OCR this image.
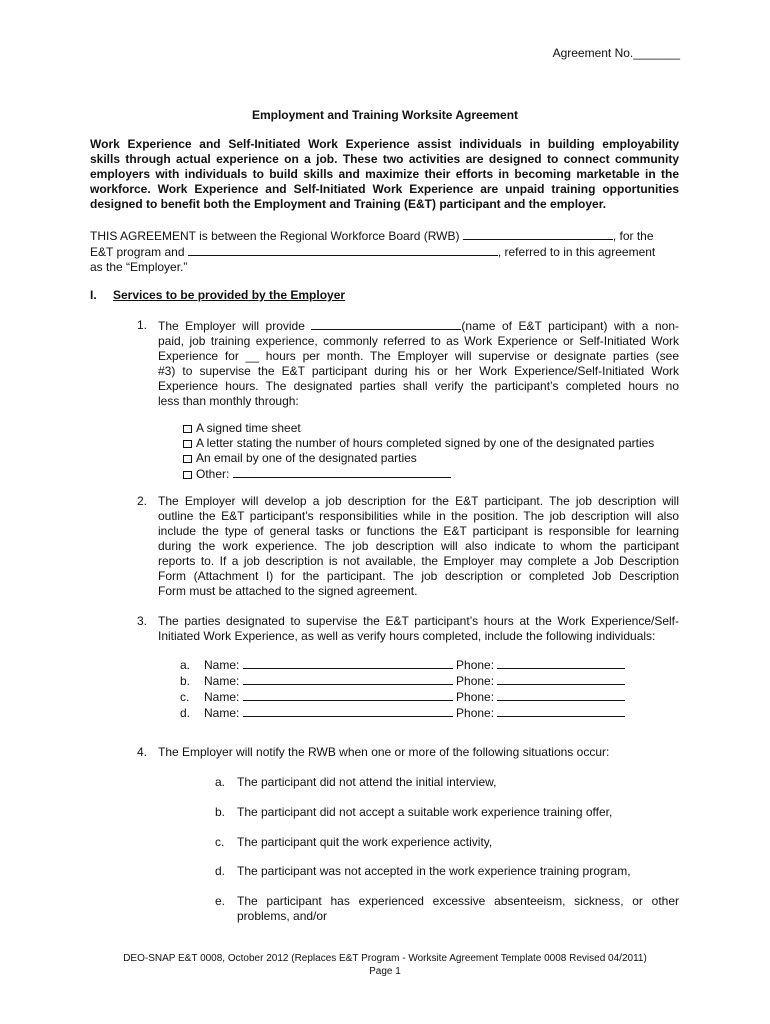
Agreement No._______
Employment and Training Worksite Agreement
Work Experience and Self-Initiated Work Experience assist individuals in building employability
skills through actual experience on a job. These two activities are designed to connect community
employers with individuals to build skills and maximize their efforts in becoming marketable in the
workforce. Work Experience and Self-Initiated Work Experience are unpaid training opportunities
designed to benefit both the Employment and Training (E&T) participant and the employer.
THIS AGREEMENT is between the Regional Workforce Board (RWB)	, for the
E&T program and	, referred to in this agreement
as the “Employer.”
I. Services to be provided by the Employer
1. The Employer will provide	(name of E&T participant) with a non-
paid, job training experience, commonly referred to as Work Experience or Self-Initiated Work
Experience for __ hours per month. The Employer will supervise or designate parties (see
#3) to supervise the E&T participant during his or her Work Experience/Self-Initiated Work
Experience hours. The designated parties shall verify the participant’s completed hours no
less than monthly through:
A signed time sheet
A letter stating the number of hours completed signed by one of the designated parties
An email by one of the designated parties
Other:
2. The Employer will develop a job description for the E&T participant. The job description will
outline the E&T participant’s responsibilities while in the position. The job description will also
include the type of general tasks or functions the E&T participant is responsible for learning
during the work experience. The job description will also indicate to whom the participant
reports to. If a job description is not available, the Employer may complete a Job Description
Form (Attachment I) for the participant. The job description or completed Job Description
Form must be attached to the signed agreement.
3. The parties designated to supervise the E&T participant’s hours at the Work Experience/Self-
Initiated Work Experience, as well as verify hours completed, include the following individuals:
a. Name:	Phone:
b. Name:	Phone:
c. Name:	Phone:
d. Name:	Phone:
4. The Employer will notify the RWB when one or more of the following situations occur:
a. The participant did not attend the initial interview,
b. The participant did not accept a suitable work experience training offer,
c. The participant quit the work experience activity,
d. The participant was not accepted in the work experience training program,
e. The participant has experienced excessive absenteeism, sickness, or other
problems, and/or
DEO-SNAP E&T 0008, October 2012 (Replaces E&T Program - Worksite Agreement Template 0008 Revised 04/2011)
Page 1
